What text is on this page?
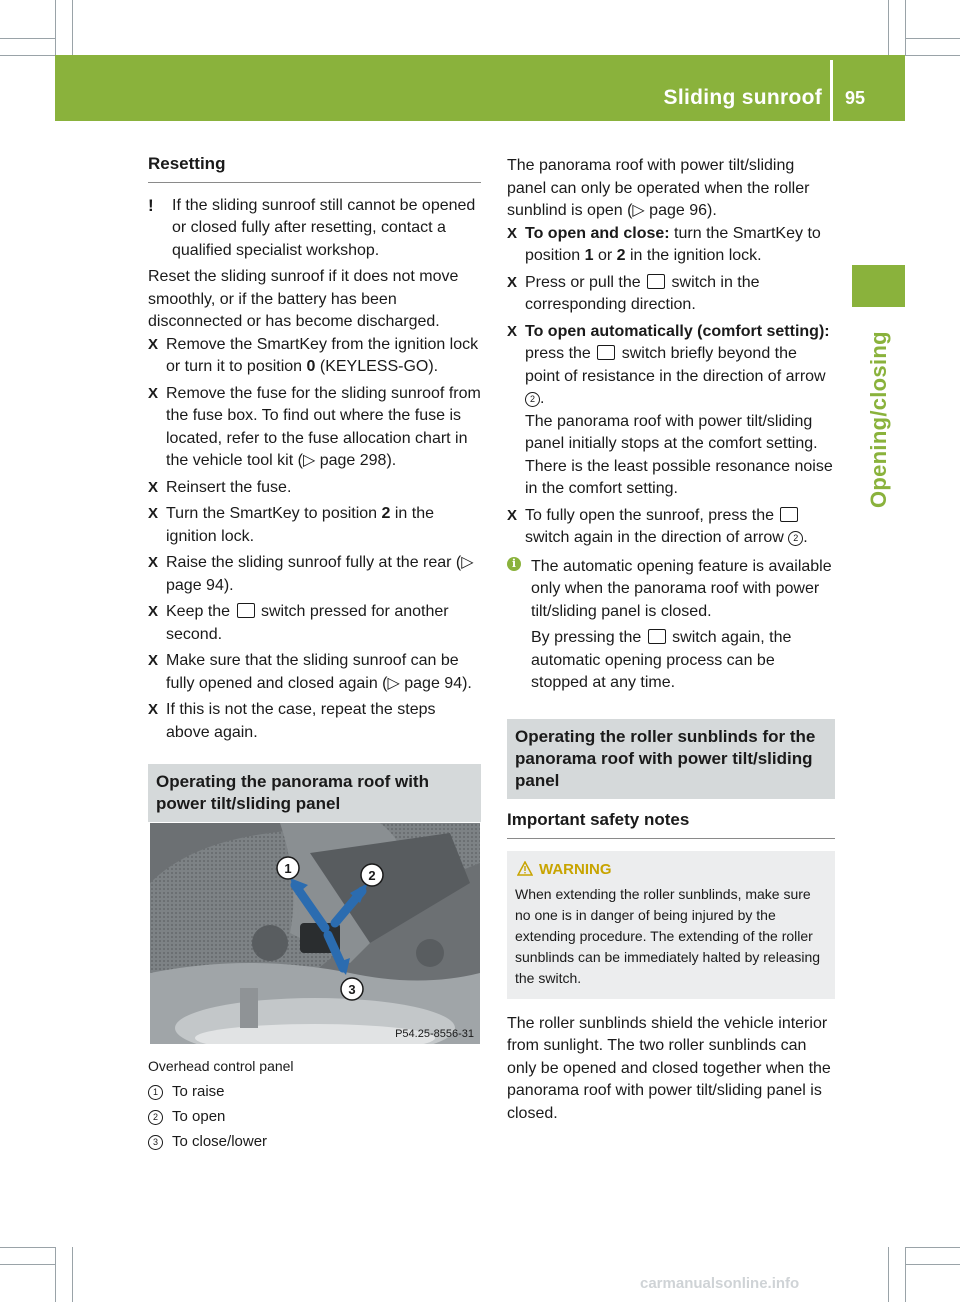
Sliding sunroof 95
Opening/closing
Resetting
! If the sliding sunroof still cannot be opened or closed fully after resetting, contact a qualified specialist workshop.

Reset the sliding sunroof if it does not move smoothly, or if the battery has been disconnected or has become discharged.

X Remove the SmartKey from the ignition lock or turn it to position 0 (KEYLESS-GO).

X Remove the fuse for the sliding sunroof from the fuse box. To find out where the fuse is located, refer to the fuse allocation chart in the vehicle tool kit (▷ page 298).

X Reinsert the fuse.

X Turn the SmartKey to position 2 in the ignition lock.

X Raise the sliding sunroof fully at the rear (▷ page 94).

X Keep the  switch pressed for another second.

X Make sure that the sliding sunroof can be fully opened and closed again (▷ page 94).

X If this is not the case, repeat the steps above again.

Operating the panorama roof with power tilt/sliding panel
1	2
3
P54.25-8556-31

Overhead control panel

1 To raise
2 To open
3 To close/lower

The panorama roof with power tilt/sliding panel can only be operated when the roller sunblind is open (▷ page 96).

X To open and close: turn the SmartKey to position 1 or 2 in the ignition lock.

X Press or pull the  switch in the corresponding direction.

X To open automatically (comfort setting): press the  switch briefly beyond the point of resistance in the direction of arrow 2 .

The panorama roof with power tilt/sliding panel initially stops at the comfort setting. There is the least possible resonance noise in the comfort setting.

X To fully open the sunroof, press the  switch again in the direction of arrow 2 .

i The automatic opening feature is available only when the panorama roof with power tilt/sliding panel is closed.

By pressing the  switch again, the automatic opening process can be stopped at any time.

Operating the roller sunblinds for the panorama roof with power tilt/sliding panel
Important safety notes
WARNING

When extending the roller sunblinds, make sure no one is in danger of being injured by the extending procedure. The extending of the roller sunblinds can be immediately halted by releasing the switch.

The roller sunblinds shield the vehicle interior from sunlight. The two roller sunblinds can only be opened and closed together when the panorama roof with power tilt/sliding panel is closed.

carmanualsonline.info
